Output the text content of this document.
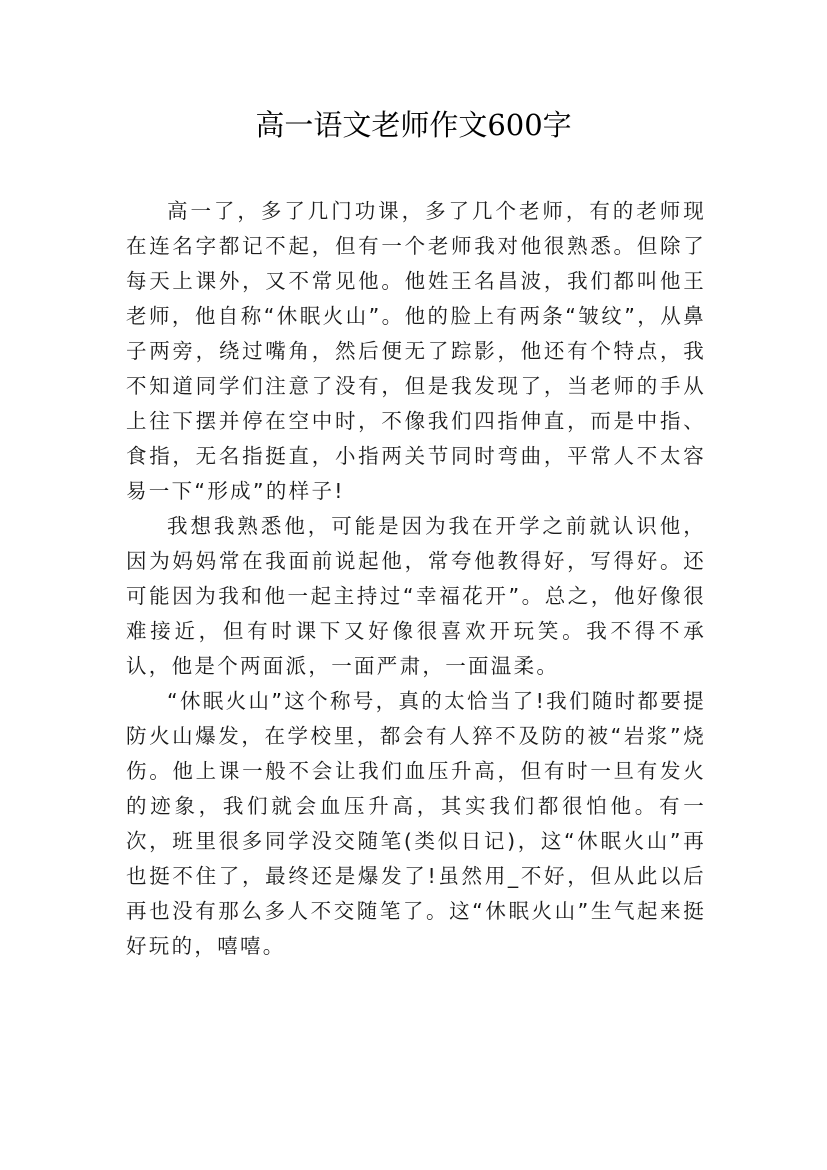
高一语文老师作文600字

高一了，多了几门功课，多了几个老师，有的老师现在连名字都记不起，但有一个老师我对他很熟悉。但除了每天上课外，又不常见他。他姓王名昌波，我们都叫他王老师，他自称“休眠火山”。他的脸上有两条“皱纹”，从鼻子两旁，绕过嘴角，然后便无了踪影，他还有个特点，我不知道同学们注意了没有，但是我发现了，当老师的手从上往下摆并停在空中时，不像我们四指伸直，而是中指、食指，无名指挺直，小指两关节同时弯曲，平常人不太容易一下“形成”的样子!

我想我熟悉他，可能是因为我在开学之前就认识他，因为妈妈常在我面前说起他，常夸他教得好，写得好。还可能因为我和他一起主持过“幸福花开”。总之，他好像很难接近，但有时课下又好像很喜欢开玩笑。我不得不承认，他是个两面派，一面严肃，一面温柔。

“休眠火山”这个称号，真的太恰当了!我们随时都要提防火山爆发，在学校里，都会有人猝不及防的被“岩浆”烧伤。他上课一般不会让我们血压升高，但有时一旦有发火的迹象，我们就会血压升高，其实我们都很怕他。有一次，班里很多同学没交随笔(类似日记)，这“休眠火山”再也挺不住了，最终还是爆发了!虽然用_不好，但从此以后再也没有那么多人不交随笔了。这“休眠火山”生气起来挺好玩的，嘻嘻。
